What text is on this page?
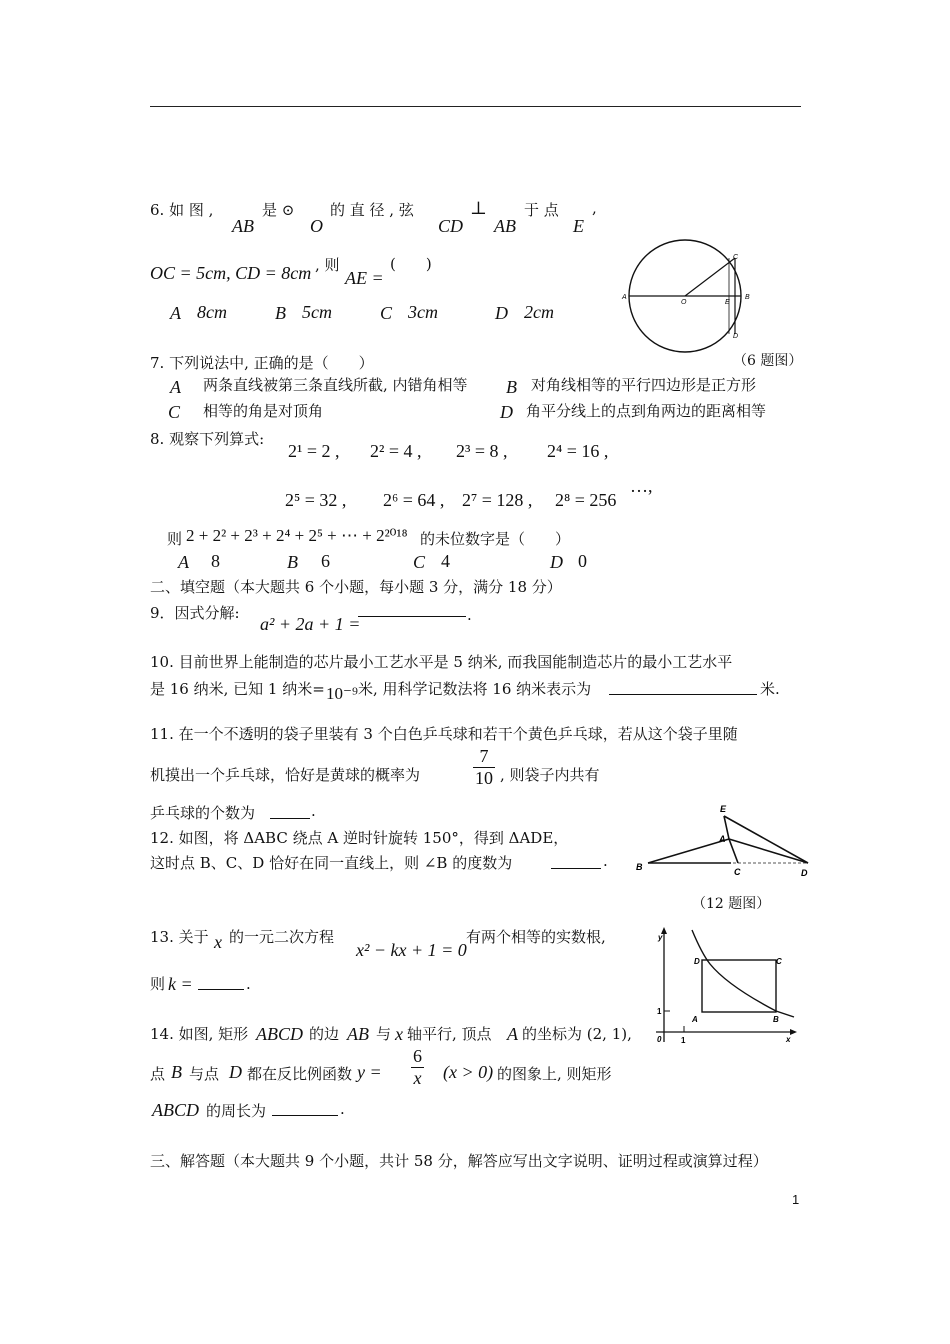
6. 如 图 ,
AB
是 ⊙
O
的 直 径 , 弦
CD
⊥
AB
于 点
E
,
OC = 5cm, CD = 8cm , 则
AE =
(　　)
A 8cm	B 5cm	C 3cm	D 2cm
A
O	E
B
C
D
（6 题图）
7. 下列说法中, 正确的是（　　）
A 两条直线被第三条直线所截, 内错角相等 B 对角线相等的平行四边形是正方形
C 相等的角是对顶角	D 角平分线上的点到角两边的距离相等
8. 观察下列算式:
2¹ = 2 , 2² = 4 , 2³ = 8 , 2⁴ = 16 ,
2⁵ = 32 , 2⁶ = 64 , 2⁷ = 128 , 2⁸ = 256
…,
则 2 + 2² + 2³ + 2⁴ + 2⁵ + ⋯ + 2²⁰¹⁸ 的未位数字是（　　）
A 8	B 6	C 4	D 0
二、填空题（本大题共 6 个小题，每小题 3 分，满分 18 分）
9．因式分解:
a² + 2a + 1 =	.
10. 目前世界上能制造的芯片最小工艺水平是 5 纳米, 而我国能制造芯片的最小工艺水平
是 16 纳米, 已知 1 纳米= 10⁻⁹ 米, 用科学记数法将 16 纳米表示为	米.
11. 在一个不透明的袋子里装有 3 个白色乒乓球和若干个黄色乒乓球，若从这个袋子里随
机摸出一个乒乓球，恰好是黄球的概率为	$\frac{7}{10}$ , 则袋子内共有
乒乓球的个数为	.
12. 如图，将 ΔABC 绕点 A 逆时针旋转 150°，得到 ΔADE，
这时点 B、C、D 恰好在同一直线上，则 ∠B 的度数为	.
E
A
B	C	D
（12 题图）
13. 关于 x 的一元二次方程
x² − kx + 1 = 0
有两个相等的实数根,
则 k =	.
14. 如图, 矩形 ABCD 的边 AB 与 x 轴平行, 顶点 A 的坐标为 (2, 1),
点 B 与点 D 都在反比例函数 $y = \frac{6}{x} (x > 0)$ 的图象上, 则矩形
ABCD 的周长为	.
y
D	C
1
A	B
0 1	x
三、解答题（本大题共 9 个小题，共计 58 分，解答应写出文字说明、证明过程或演算过程）
1
